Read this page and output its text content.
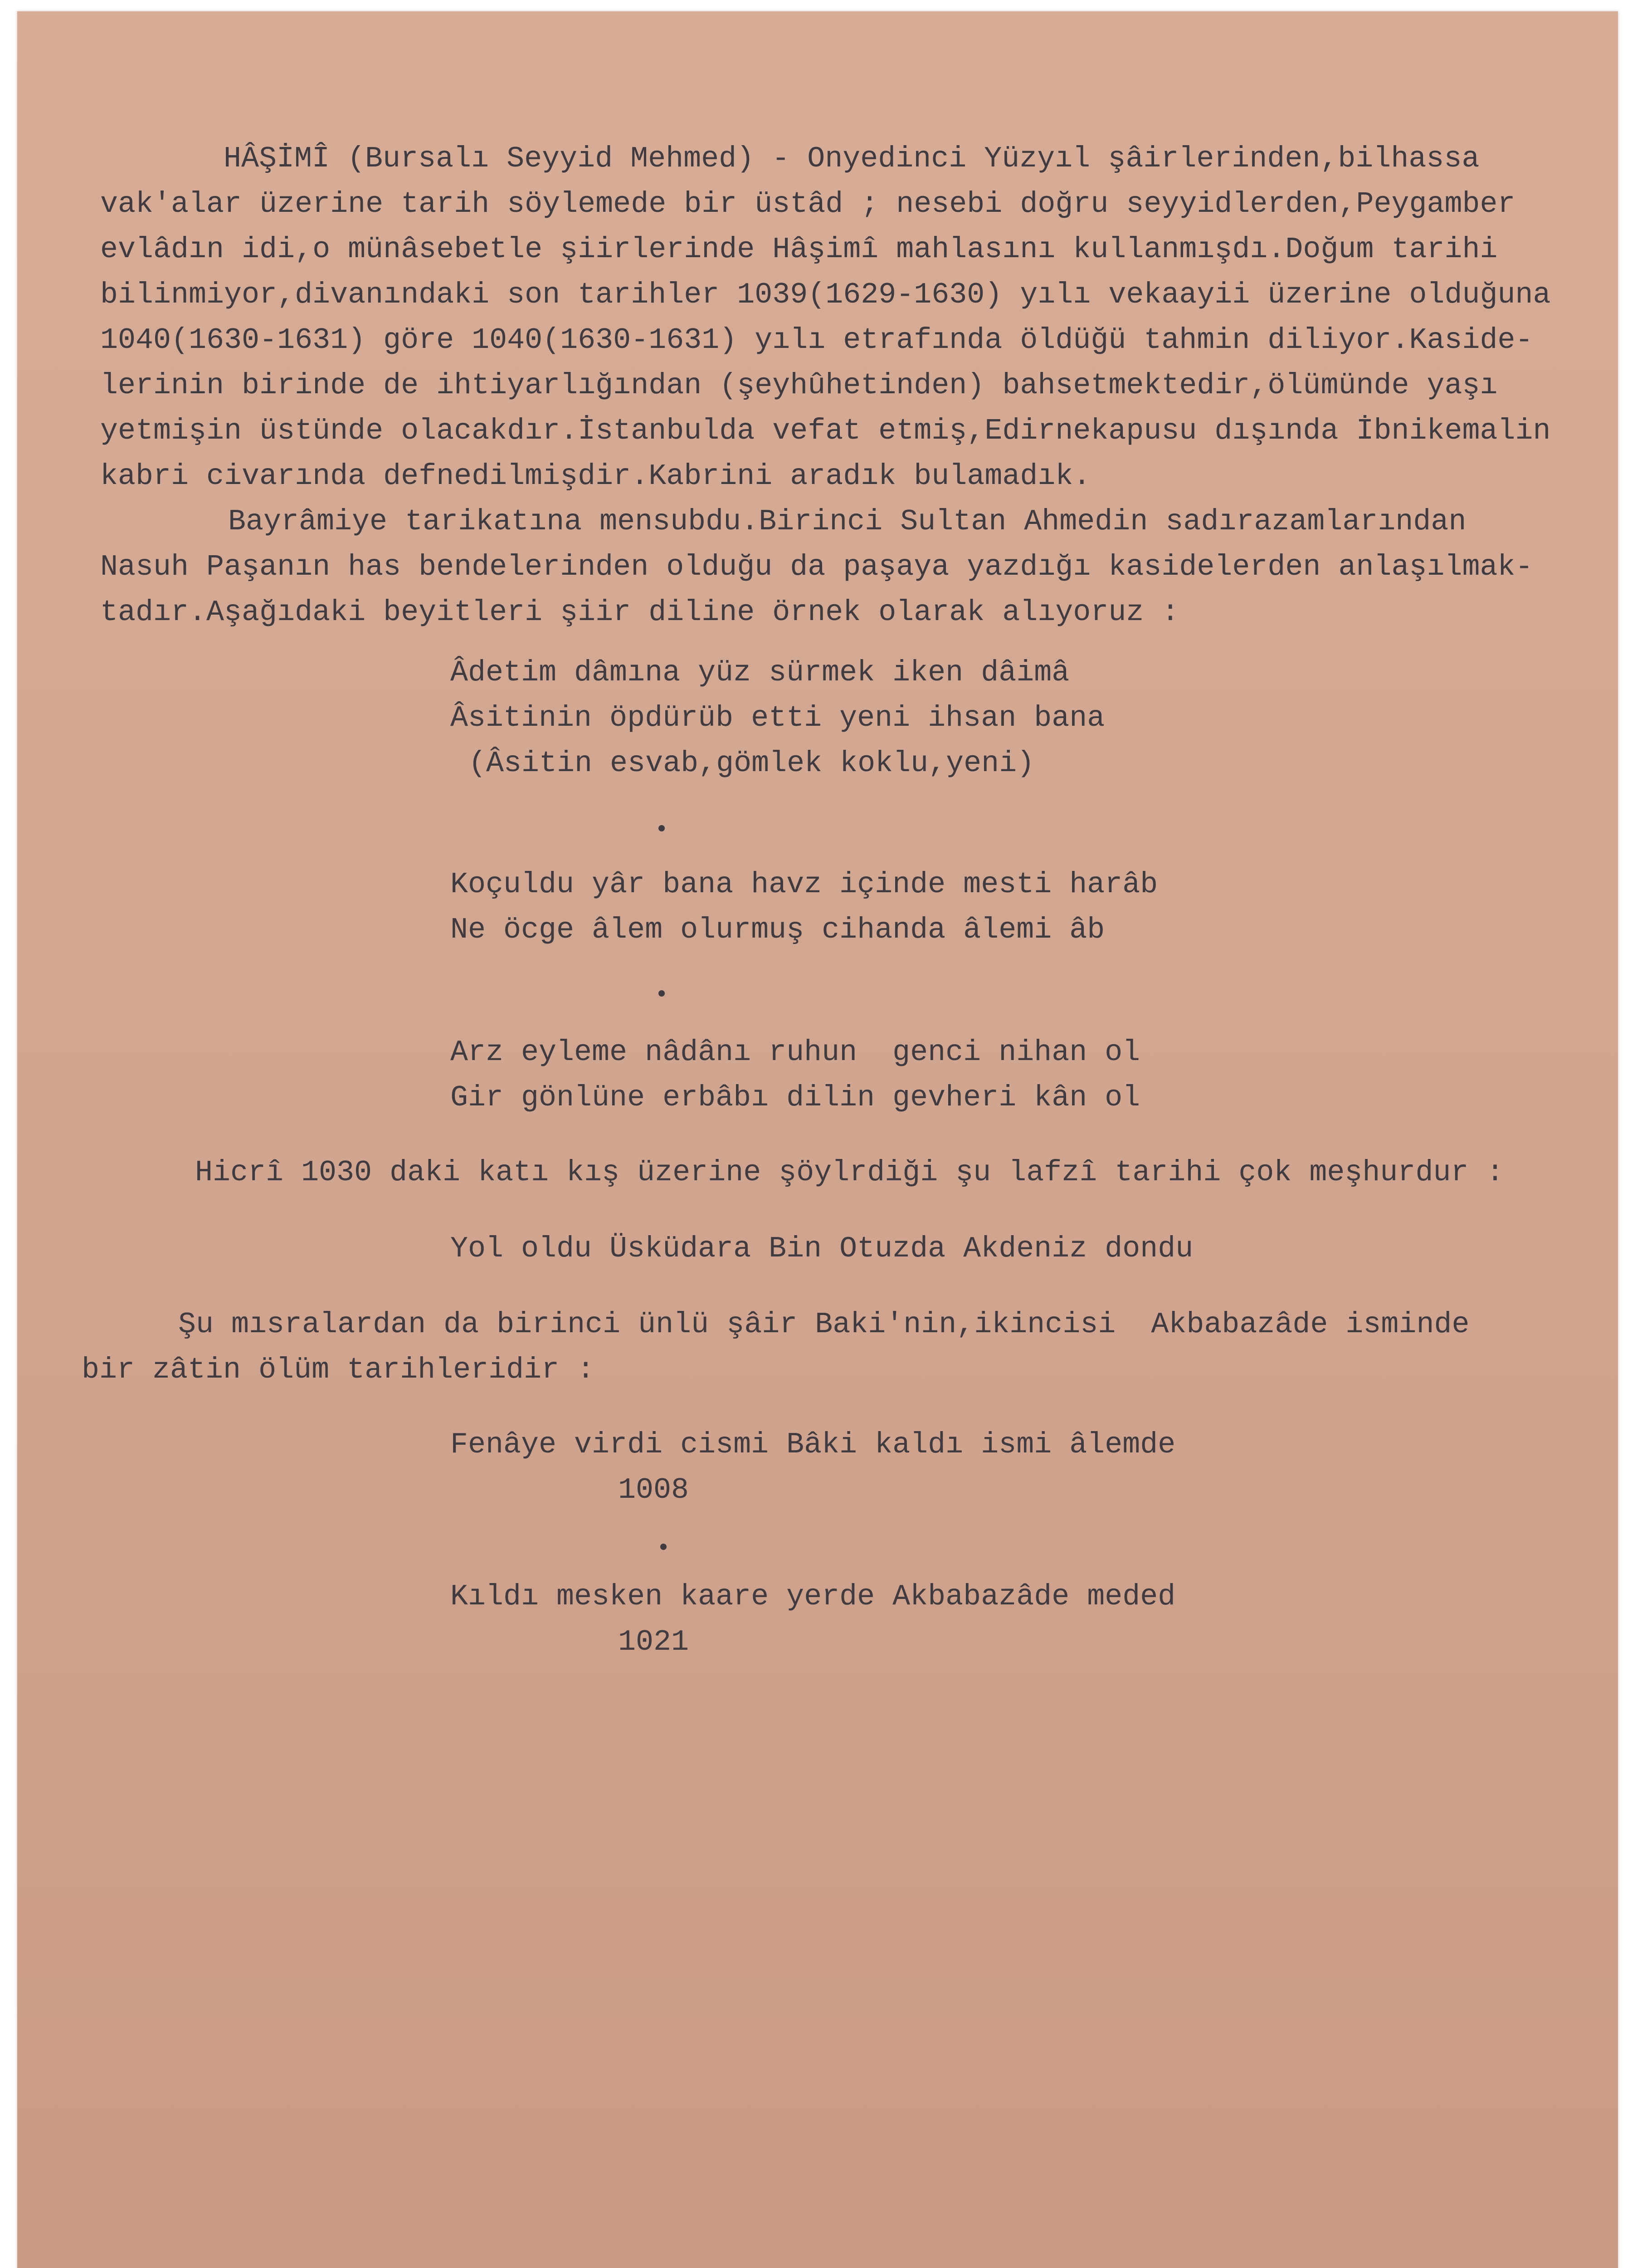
HÂŞİMÎ (Bursalı Seyyid Mehmed) - Onyedinci Yüzyıl şâirlerinden,bilhassa
vak'alar üzerine tarih söylemede bir üstâd ; nesebi doğru seyyidlerden,Peygamber
evlâdın idi,o münâsebetle şiirlerinde Hâşimî mahlasını kullanmışdı.Doğum tarihi
bilinmiyor,divanındaki son tarihler 1039(1629-1630) yılı vekaayii üzerine olduğuna
1040(1630-1631) göre 1040(1630-1631) yılı etrafında öldüğü tahmin diliyor.Kaside-
lerinin birinde de ihtiyarlığından (şeyhûhetinden) bahsetmektedir,ölümünde yaşı
yetmişin üstünde olacakdır.İstanbulda vefat etmiş,Edirnekapusu dışında İbnikemalin
kabri civarında defnedilmişdir.Kabrini aradık bulamadık.
Bayrâmiye tarikatına mensubdu.Birinci Sultan Ahmedin sadırazamlarından
Nasuh Paşanın has bendelerinden olduğu da paşaya yazdığı kasidelerden anlaşılmak-
tadır.Aşağıdaki beyitleri şiir diline örnek olarak alıyoruz :
Âdetim dâmına yüz sürmek iken dâimâ
Âsitinin öpdürüb etti yeni ihsan bana
(Âsitin esvab,gömlek koklu,yeni)
Koçuldu yâr bana havz içinde mesti harâb
Ne öcge âlem olurmuş cihanda âlemi âb
Arz eyleme nâdânı ruhun  genci nihan ol
Gir gönlüne erbâbı dilin gevheri kân ol
Hicrî 1030 daki katı kış üzerine şöylrdiği şu lafzî tarihi çok meşhurdur :
Yol oldu Üsküdara Bin Otuzda Akdeniz dondu
Şu mısralardan da birinci ünlü şâir Baki'nin,ikincisi  Akbabazâde isminde
bir zâtin ölüm tarihleridir :
Fenâye virdi cismi Bâki kaldı ismi âlemde
1008
Kıldı mesken kaare yerde Akbabazâde meded
1021
